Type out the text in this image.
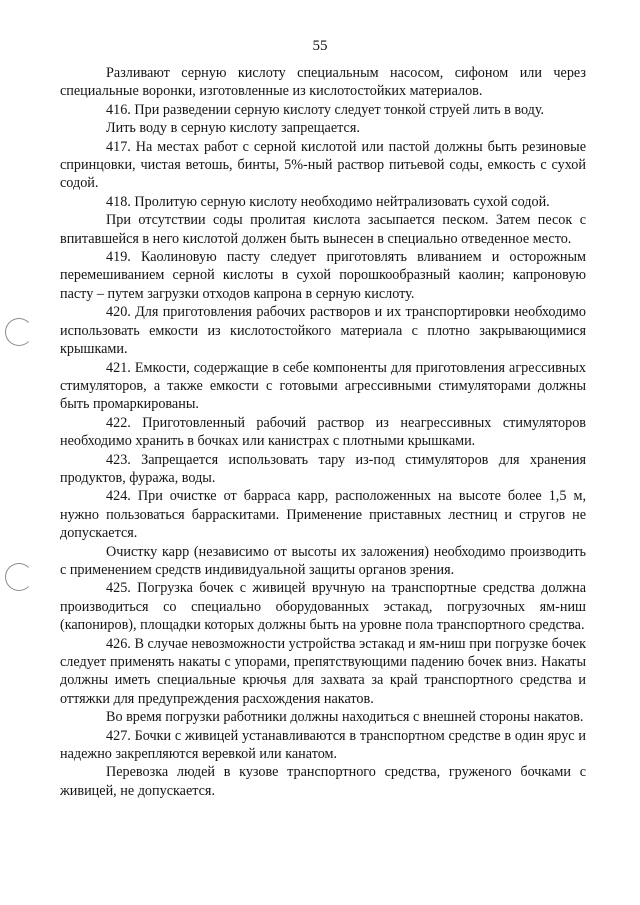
55

Разливают серную кислоту специальным насосом, сифоном или через специальные воронки, изготовленные из кислотостойких материалов.

416. При разведении серную кислоту следует тонкой струей лить в воду.

Лить воду в серную кислоту запрещается.

417. На местах работ с серной кислотой или пастой должны быть резиновые спринцовки, чистая ветошь, бинты, 5%-ный раствор питьевой соды, емкость с сухой содой.

418. Пролитую серную кислоту необходимо нейтрализовать сухой содой.

При отсутствии соды пролитая кислота засыпается песком. Затем песок с впитавшейся в него кислотой должен быть вынесен в специально отведенное место.

419. Каолиновую пасту следует приготовлять вливанием и осторожным перемешиванием серной кислоты в сухой порошкообразный каолин; капроновую пасту – путем загрузки отходов капрона в серную кислоту.

420. Для приготовления рабочих растворов и их транспортировки необходимо использовать емкости из кислотостойкого материала с плотно закрывающимися крышками.

421. Емкости, содержащие в себе компоненты для приготовления агрессивных стимуляторов, а также емкости с готовыми агрессивными стимуляторами должны быть промаркированы.

422. Приготовленный рабочий раствор из неагрессивных стимуляторов необходимо хранить в бочках или канистрах с плотными крышками.

423. Запрещается использовать тару из-под стимуляторов для хранения продуктов, фуража, воды.

424. При очистке от барраса карр, расположенных на высоте более 1,5 м, нужно пользоваться барраскитами. Применение приставных лестниц и стругов не допускается.

Очистку карр (независимо от высоты их заложения) необходимо производить с применением средств индивидуальной защиты органов зрения.

425. Погрузка бочек с живицей вручную на транспортные средства должна производиться со специально оборудованных эстакад, погрузочных ям-ниш (капониров), площадки которых должны быть на уровне пола транспортного средства.

426. В случае невозможности устройства эстакад и ям-ниш при погрузке бочек следует применять накаты с упорами, препятствующими падению бочек вниз. Накаты должны иметь специальные крючья для захвата за край транспортного средства и оттяжки для предупреждения расхождения накатов.

Во время погрузки работники должны находиться с внешней стороны накатов.

427. Бочки с живицей устанавливаются в транспортном средстве в один ярус и надежно закрепляются веревкой или канатом.

Перевозка людей в кузове транспортного средства, груженого бочками с живицей, не допускается.
